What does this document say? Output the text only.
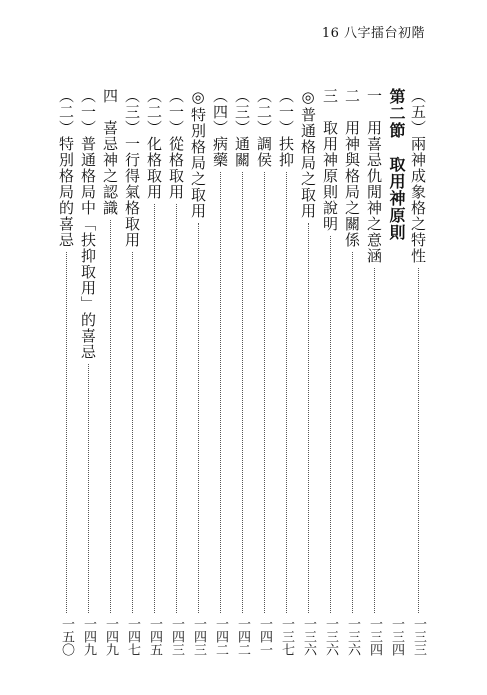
16 八字擂台初階
（五）兩神成象格之特性
一三三
第二節　取用神原則
一三四
一　用喜忌仇閒神之意涵
一三四
二　用神與格局之關係
一三六
三　取用神原則說明
一三六
◎普通格局之取用
一三六
（一）扶抑
一三七
（二）調侯
一四一
（三）通關
一四二
（四）病藥
一四二
◎特別格局之取用
一四三
（一）從格取用
一四三
（二）化格取用
一四五
（三）一行得氣格取用
一四七
四　喜忌神之認識
一四九
（一）普通格局中「扶抑取用」的喜忌
一四九
（二）特別格局的喜忌
一五〇
